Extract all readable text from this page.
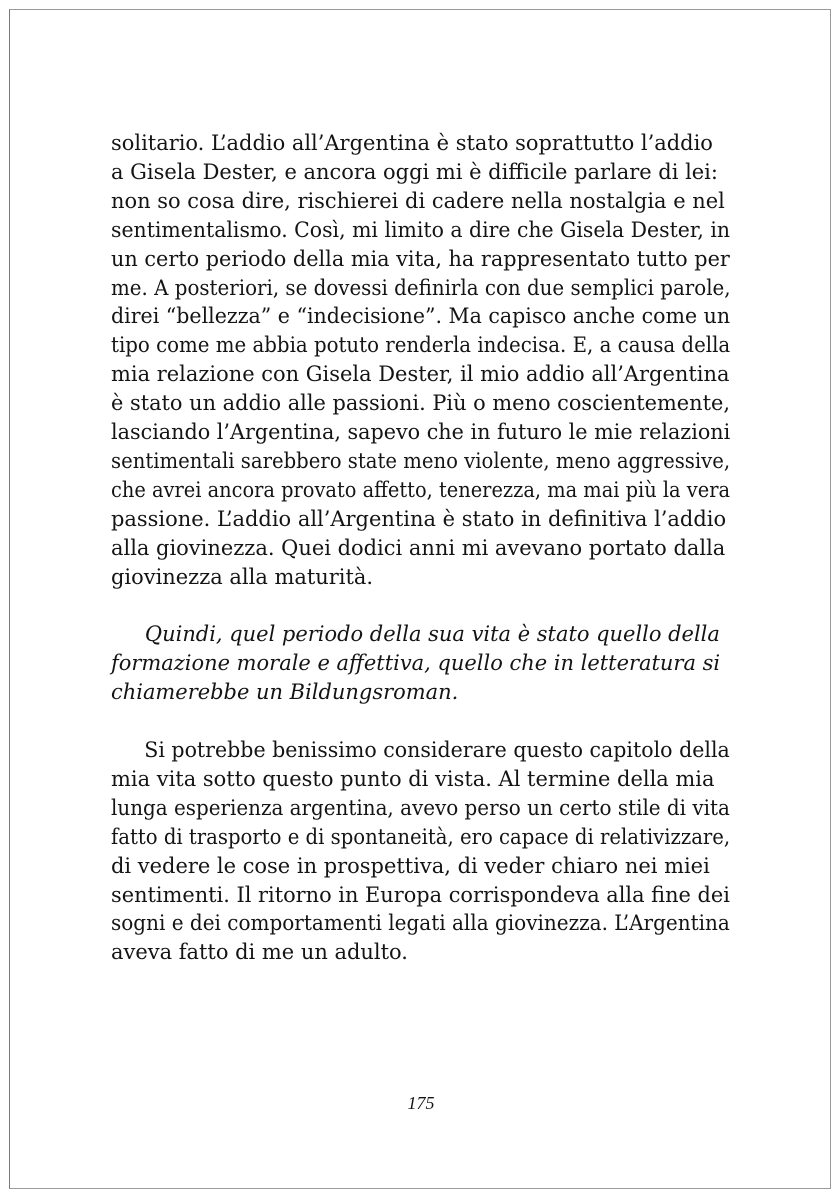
solitario. L’addio all’Argentina è stato soprattutto l’addio
a Gisela Dester, e ancora oggi mi è difficile parlare di lei:
non so cosa dire, rischierei di cadere nella nostalgia e nel
sentimentalismo. Così, mi limito a dire che Gisela Dester, in
un certo periodo della mia vita, ha rappresentato tutto per
me. A posteriori, se dovessi definirla con due semplici parole,
direi “bellezza” e “indecisione”. Ma capisco anche come un
tipo come me abbia potuto renderla indecisa. E, a causa della
mia relazione con Gisela Dester, il mio addio all’Argentina
è stato un addio alle passioni. Più o meno coscientemente,
lasciando l’Argentina, sapevo che in futuro le mie relazioni
sentimentali sarebbero state meno violente, meno aggressive,
che avrei ancora provato affetto, tenerezza, ma mai più la vera
passione. L’addio all’Argentina è stato in definitiva l’addio
alla giovinezza. Quei dodici anni mi avevano portato dalla
giovinezza alla maturità.
Quindi, quel periodo della sua vita è stato quello della
formazione morale e affettiva, quello che in letteratura si
chiamerebbe un Bildungsroman.
Si potrebbe benissimo considerare questo capitolo della
mia vita sotto questo punto di vista. Al termine della mia
lunga esperienza argentina, avevo perso un certo stile di vita
fatto di trasporto e di spontaneità, ero capace di relativizzare,
di vedere le cose in prospettiva, di veder chiaro nei miei
sentimenti. Il ritorno in Europa corrispondeva alla fine dei
sogni e dei comportamenti legati alla giovinezza. L’Argentina
aveva fatto di me un adulto.
175
